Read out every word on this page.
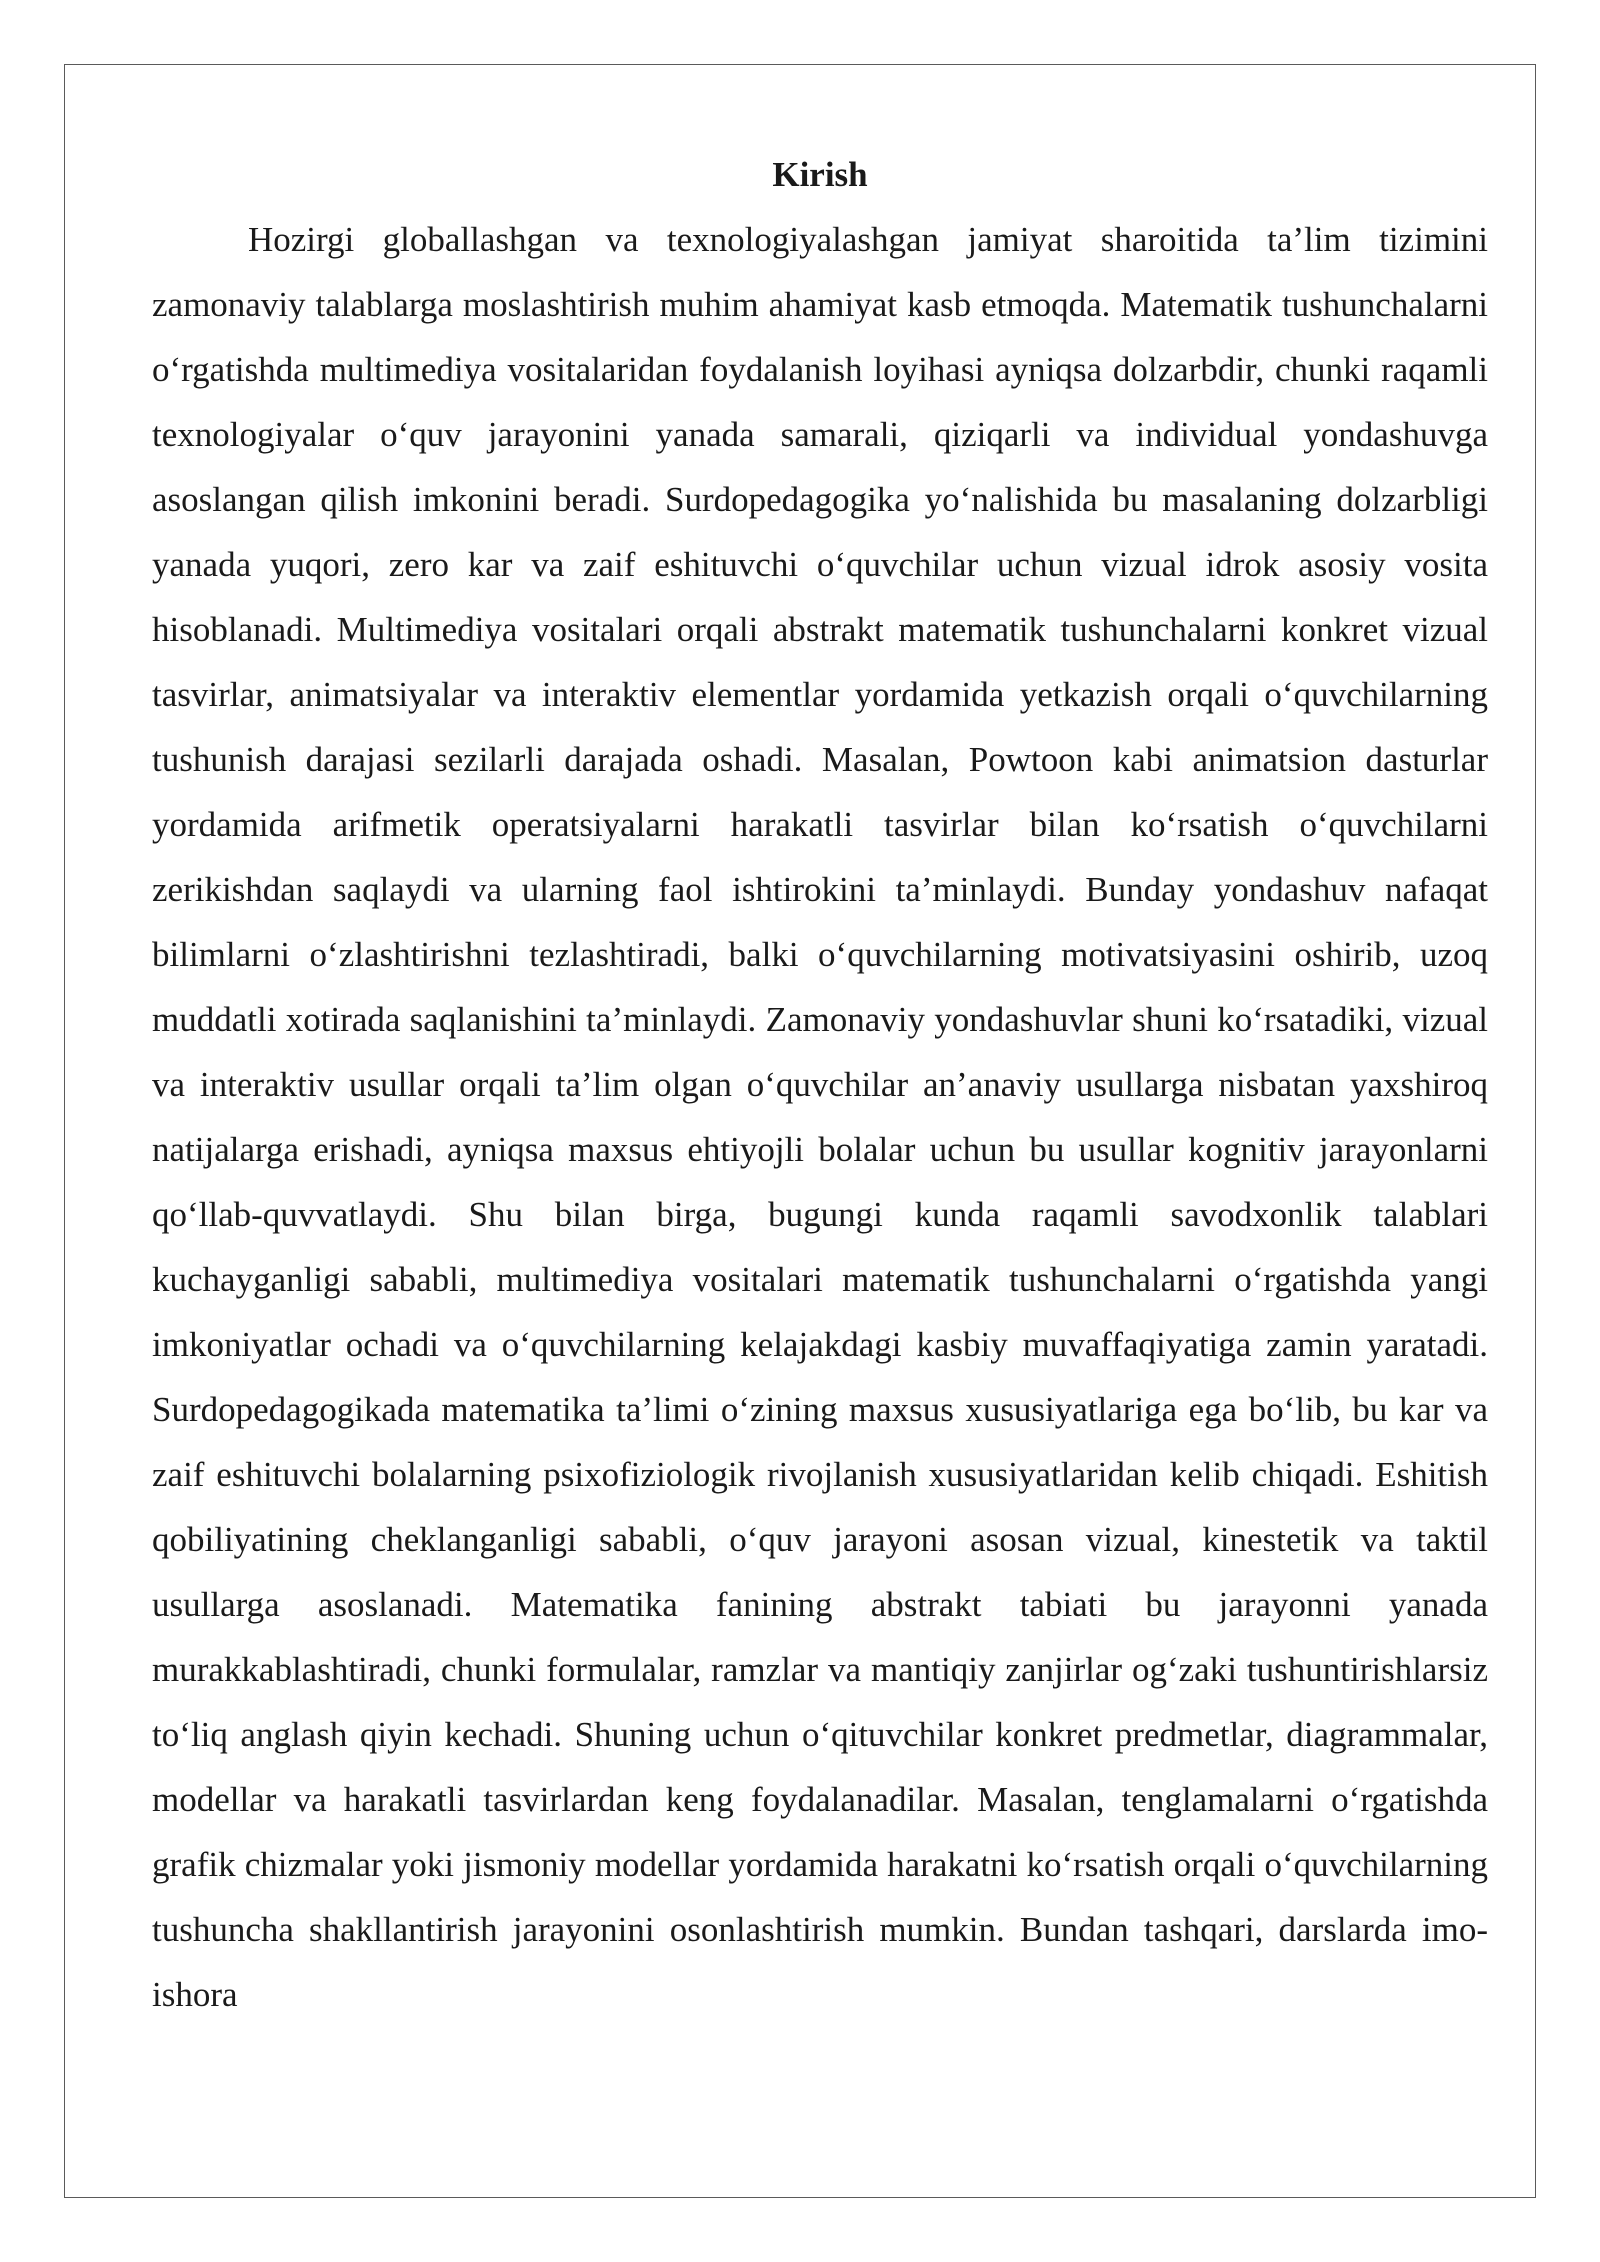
Kirish

Hozirgi globallashgan va texnologiyalashgan jamiyat sharoitida ta’lim tizimini zamonaviy talablarga moslashtirish muhim ahamiyat kasb etmoqda. Matematik tushunchalarni o‘rgatishda multimediya vositalaridan foydalanish loyihasi ayniqsa dolzarbdir, chunki raqamli texnologiyalar o‘quv jarayonini yanada samarali, qiziqarli va individual yondashuvga asoslangan qilish imkonini beradi. Surdopedagogika yo‘nalishida bu masalaning dolzarbligi yanada yuqori, zero kar va zaif eshituvchi o‘quvchilar uchun vizual idrok asosiy vosita hisoblanadi. Multimediya vositalari orqali abstrakt matematik tushunchalarni konkret vizual tasvirlar, animatsiyalar va interaktiv elementlar yordamida yetkazish orqali o‘quvchilarning tushunish darajasi sezilarli darajada oshadi. Masalan, Powtoon kabi animatsion dasturlar yordamida arifmetik operatsiyalarni harakatli tasvirlar bilan ko‘rsatish o‘quvchilarni zerikishdan saqlaydi va ularning faol ishtirokini ta’minlaydi. Bunday yondashuv nafaqat bilimlarni o‘zlashtirishni tezlashtiradi, balki o‘quvchilarning motivatsiyasini oshirib, uzoq muddatli xotirada saqlanishini ta’minlaydi. Zamonaviy yondashuvlar shuni ko‘rsatadiki, vizual va interaktiv usullar orqali ta’lim olgan o‘quvchilar an’anaviy usullarga nisbatan yaxshiroq natijalarga erishadi, ayniqsa maxsus ehtiyojli bolalar uchun bu usullar kognitiv jarayonlarni qo‘llab-quvvatlaydi. Shu bilan birga, bugungi kunda raqamli savodxonlik talablari kuchayganligi sababli, multimediya vositalari matematik tushunchalarni o‘rgatishda yangi imkoniyatlar ochadi va o‘quvchilarning kelajakdagi kasbiy muvaffaqiyatiga zamin yaratadi. Surdopedagogikada matematika ta’limi o‘zining maxsus xususiyatlariga ega bo‘lib, bu kar va zaif eshituvchi bolalarning psixofiziologik rivojlanish xususiyatlaridan kelib chiqadi. Eshitish qobiliyatining cheklanganligi sababli, o‘quv jarayoni asosan vizual, kinestetik va taktil usullarga asoslanadi. Matematika fanining abstrakt tabiati bu jarayonni yanada murakkablashtiradi, chunki formulalar, ramzlar va mantiqiy zanjirlar og‘zaki tushuntirishlarsiz to‘liq anglash qiyin kechadi. Shuning uchun o‘qituvchilar konkret predmetlar, diagrammalar, modellar va harakatli tasvirlardan keng foydalanadilar. Masalan, tenglamalarni o‘rgatishda grafik chizmalar yoki jismoniy modellar yordamida harakatni ko‘rsatish orqali o‘quvchilarning tushuncha shakllantirish jarayonini osonlashtirish mumkin. Bundan tashqari, darslarda imo-ishora
